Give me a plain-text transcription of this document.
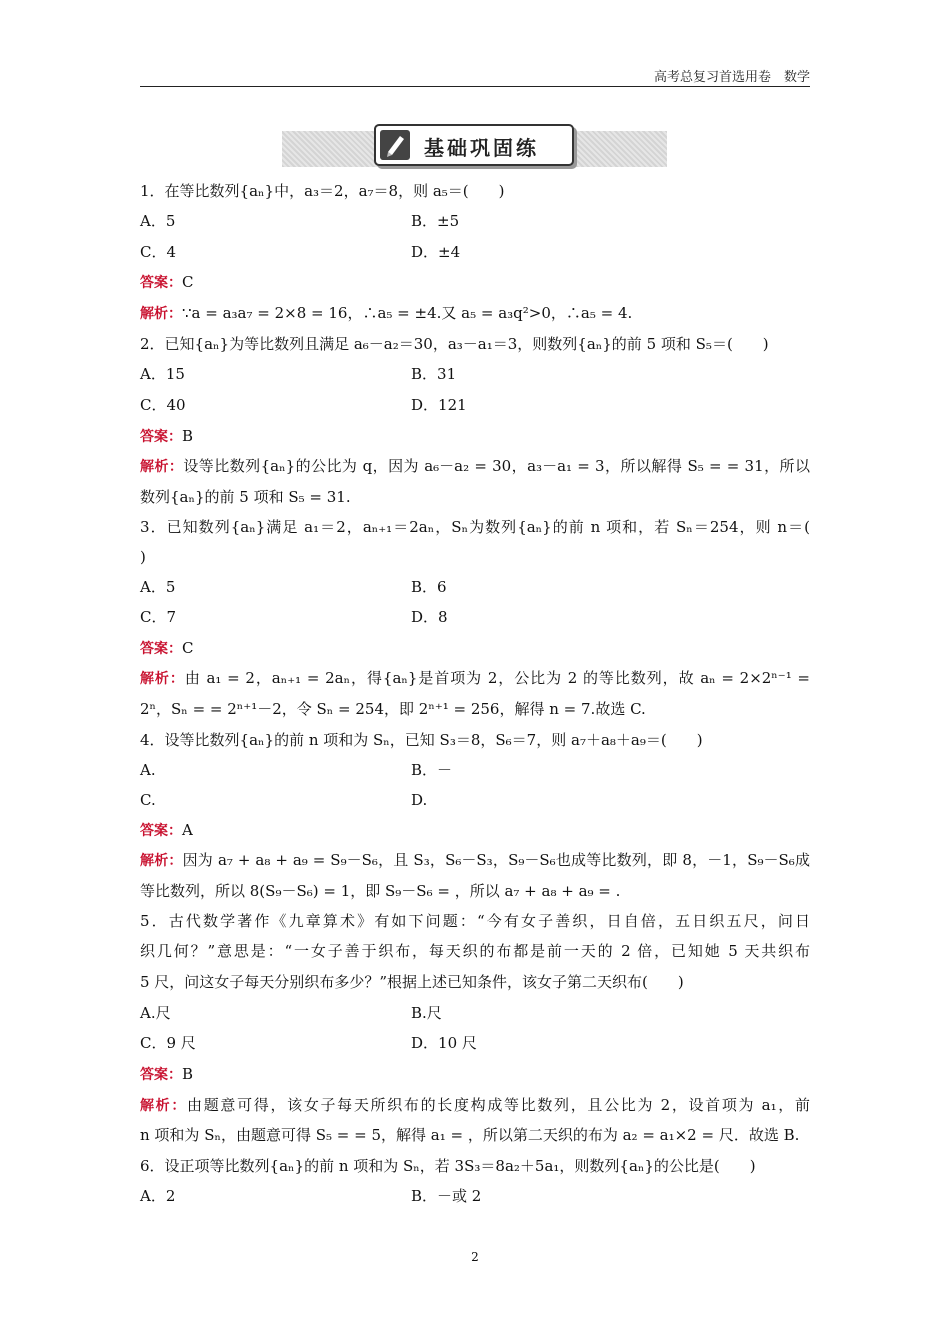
高考总复习首选用卷　数学
基础巩固练
1．在等比数列{aₙ}中，a₃＝2，a₇＝8，则 a₅＝(　　)
A．5	B．±5
C．4	D．±4
答案：C
解析：∵a = a₃a₇ = 2×8 = 16，∴a₅ = ±4.又 a₅ = a₃q²>0，∴a₅ = 4.
2．已知{aₙ}为等比数列且满足 a₆－a₂＝30，a₃－a₁＝3，则数列{aₙ}的前 5 项和 S₅＝(　　)
A．15	B．31
C．40	D．121
答案：B
解析：设等比数列{aₙ}的公比为 q，因为 a₆－a₂ = 30，a₃－a₁ = 3，所以解得 S₅ = = 31，所以
数列{aₙ}的前 5 项和 S₅ = 31.
3．已知数列{aₙ}满足 a₁＝2，aₙ₊₁＝2aₙ，Sₙ为数列{aₙ}的前 n 项和，若 Sₙ＝254，则 n＝(
)
A．5	B．6
C．7	D．8
答案：C
解析：由 a₁ = 2，aₙ₊₁ = 2aₙ，得{aₙ}是首项为 2，公比为 2 的等比数列，故 aₙ = 2×2ⁿ⁻¹ =
2ⁿ，Sₙ = = 2ⁿ⁺¹－2，令 Sₙ = 254，即 2ⁿ⁺¹ = 256，解得 n = 7.故选 C.
4．设等比数列{aₙ}的前 n 项和为 Sₙ，已知 S₃＝8，S₆＝7，则 a₇＋a₈＋a₉＝(　　)
A.	B．－
C.	D.
答案：A
解析：因为 a₇ + a₈ + a₉ = S₉－S₆，且 S₃，S₆－S₃，S₉－S₆也成等比数列，即 8，－1，S₉－S₆成
等比数列，所以 8(S₉－S₆) = 1，即 S₉－S₆ = ，所以 a₇ + a₈ + a₉ = .
5．古代数学著作《九章算术》有如下问题：“今有女子善织，日自倍，五日织五尺，问日
织几何？”意思是：“一女子善于织布，每天织的布都是前一天的 2 倍，已知她 5 天共织布
5 尺，问这女子每天分别织布多少？”根据上述已知条件，该女子第二天织布(　　)
A.尺	B.尺
C．9 尺	D．10 尺
答案：B
解析：由题意可得，该女子每天所织布的长度构成等比数列，且公比为 2，设首项为 a₁，前
n 项和为 Sₙ，由题意可得 S₅ = = 5，解得 a₁ = ，所以第二天织的布为 a₂ = a₁×2 = 尺．故选 B.
6．设正项等比数列{aₙ}的前 n 项和为 Sₙ，若 3S₃＝8a₂＋5a₁，则数列{aₙ}的公比是(　　)
A．2	B．－或 2
2
